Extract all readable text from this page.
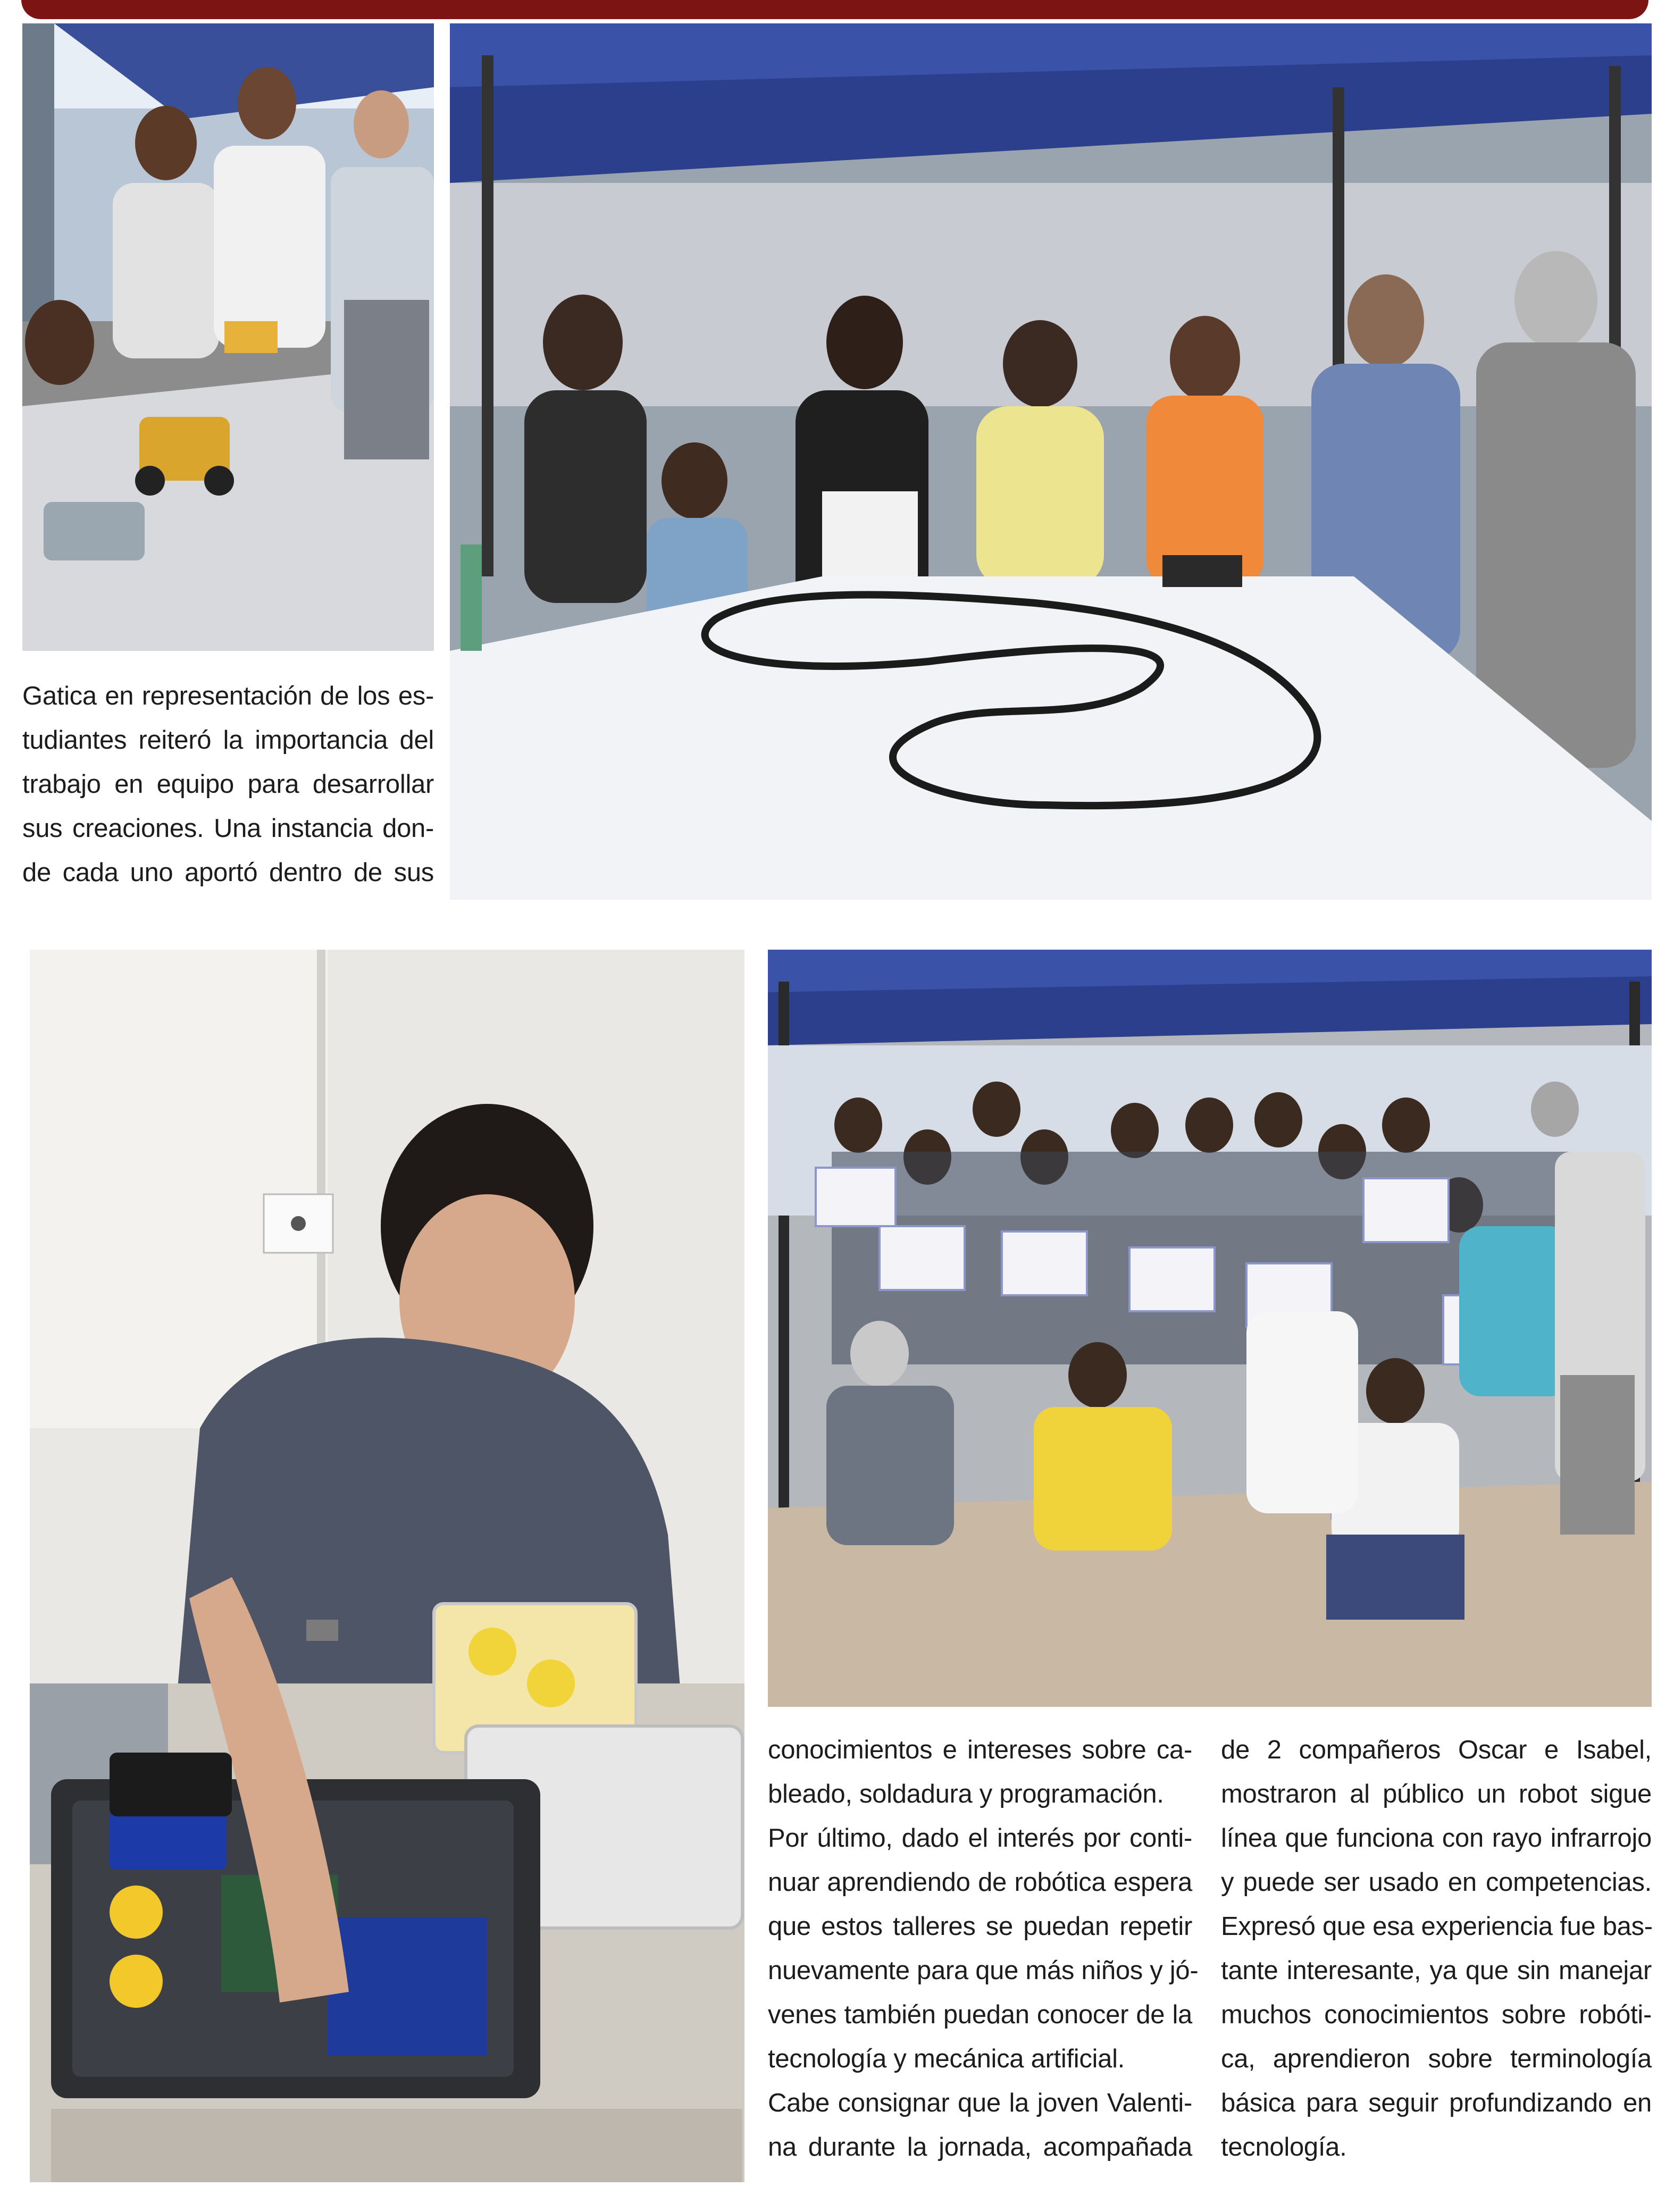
Gatica en representación de los es-
tudiantes reiteró la importancia del
trabajo en equipo para desarrollar
sus creaciones. Una instancia don-
de cada uno aportó dentro de sus
conocimientos e intereses sobre ca-
bleado, soldadura y programación.
Por último, dado el interés por conti-
nuar aprendiendo de robótica espera
que estos talleres se puedan repetir
nuevamente para que más niños y jó-
venes también puedan conocer de la
tecnología y mecánica artificial.
Cabe consignar que la joven Valenti-
na durante la jornada, acompañada
de 2 compañeros Oscar e Isabel,
mostraron al público un robot sigue
línea que funciona con rayo infrarrojo
y puede ser usado en competencias.
Expresó que esa experiencia fue bas-
tante interesante, ya que sin manejar
muchos conocimientos sobre robóti-
ca, aprendieron sobre terminología
básica para seguir profundizando en
tecnología.
